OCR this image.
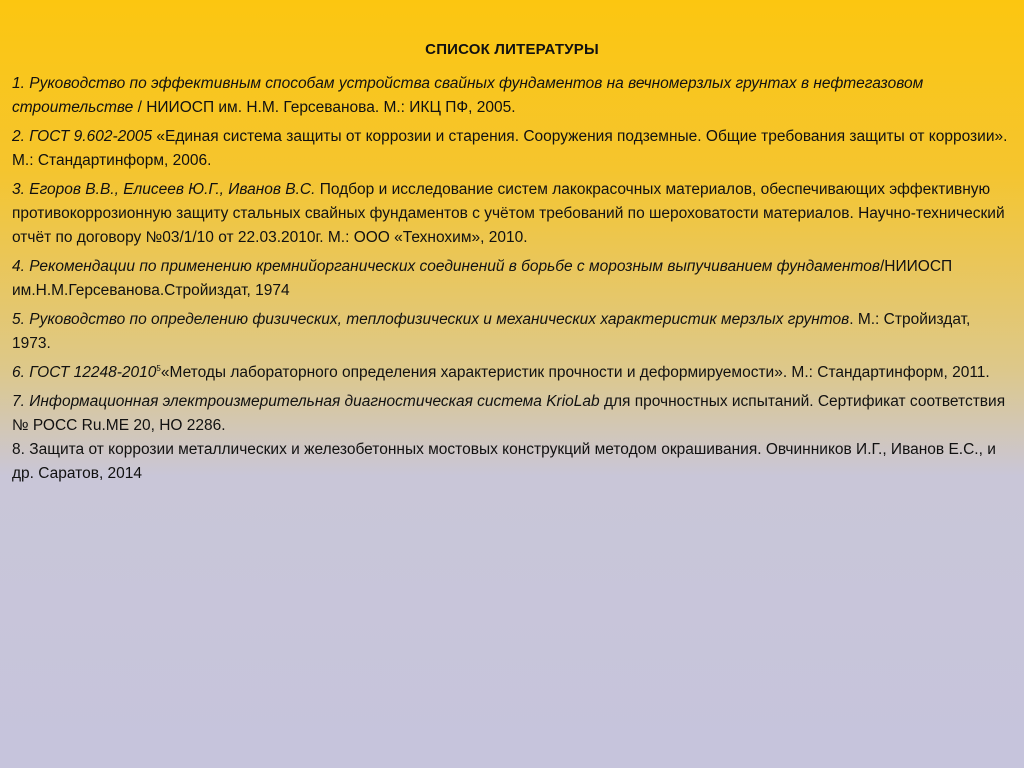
СПИСОК ЛИТЕРАТУРЫ
1. Руководство по эффективным способам устройства свайных фундаментов на вечномерзлых грунтах в нефтегазовом строительстве / НИИОСП им. Н.М. Герсеванова. М.: ИКЦ ПФ, 2005.
2. ГОСТ 9.602-2005 «Единая система защиты от коррозии и старения. Сооружения подземные. Общие требования защиты от коррозии». М.: Стандартинформ, 2006.
3. Егоров В.В., Елисеев Ю.Г., Иванов В.С. Подбор и исследование систем лакокрасочных материалов, обеспечивающих эффективную противокоррозионную защиту стальных свайных фундаментов с учётом требований по шероховатости материалов. Научно-технический отчёт по договору №03/1/10 от 22.03.2010г. М.: ООО «Технохим», 2010.
4. Рекомендации по применению кремнийорганических соединений в борьбе с морозным выпучиванием фундаментов/НИИОСП им.Н.М.Герсеванова.Стройиздат, 1974
5. Руководство по определению физических, теплофизических и механических характеристик мерзлых грунтов. М.: Стройиздат, 1973.
6. ГОСТ 12248-2010$^5$«Методы лабораторного определения характеристик прочности и деформируемости». М.: Стандартинформ, 2011.
7. Информационная электроизмерительная диагностическая система KrioLab для прочностных испытаний. Сертификат соответствия № РОСС Ru.МЕ 20, НО 2286.
8. Защита от коррозии металлических и железобетонных мостовых конструкций методом окрашивания. Овчинников И.Г., Иванов Е.С., и др. Саратов, 2014
